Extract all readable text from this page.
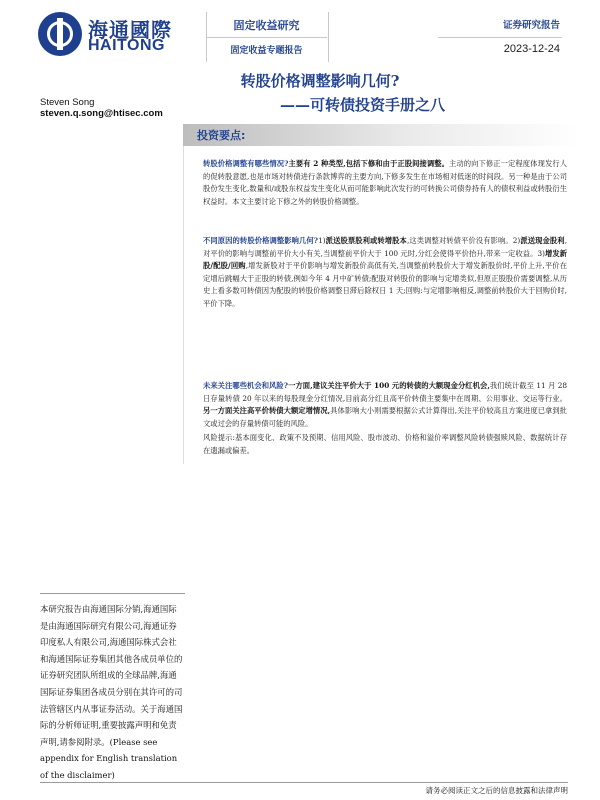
海通國際
HAITONG
固定收益研究
固定收益专题报告
证券研究报告
2023-12-24
转股价格调整影响几何?
——可转债投资手册之八
Steven Song
steven.q.song@htisec.com
投资要点:
转股价格调整有哪些情况?主要有 2 种类型,包括下修和由于正股间接调整。主动的向下修正一定程度体现发行人的促转股意愿,也是市场对转债进行条款博弈的主要方向,下修多发生在市场相对低迷的时间段。另一种是由于公司股份发生变化,数量和/或股东权益发生变化从而可能影响此次发行的可转换公司债券持有人的债权利益或转股衍生权益时。本文主要讨论下修之外的转股价格调整。
不同原因的转股价格调整影响几何?1)派送股票股利或转增股本,这类调整对转债平价没有影响。2)派送现金股利,对平价的影响与调整前平价大小有关,当调整前平价大于 100 元时,分红会使得平价抬升,带来一定收益。3)增发新股/配股/回购,增发新股对于平价影响与增发新股价高低有关,当调整前转股价大于增发新股价时,平价上升,平价在定增后跳幅大于正股的转债,例如今年 4 月中矿转债;配股对转股价的影响与定增类似,但原正股股价需要调整,从历史上看多数可转债因为配股的转股价格调整日滞后除权日 1 天;回购:与定增影响相反,调整前转股价大于回购价时,平价下降。
未来关注哪些机会和风险?一方面,建议关注平价大于 100 元的转债的大额现金分红机会,我们统计截至 11 月 28 日存量转债 20 年以来的每股现金分红情况,目前高分红且高平价转债主要集中在周期、公用事业、交运等行业。另一方面关注高平价转债大额定增情况,具体影响大小则需要根据公式计算得出,关注平价较高且方案进度已拿到批文或过会的存量转债可能的风险。
风险提示:基本面变化、政策不及预期、信用风险、股市波动、价格和溢价率调整风险转债强赎风险、数据统计存在遗漏或偏差。
本研究报告由海通国际分销,海通国际是由海通国际研究有限公司,海通证券印度私人有限公司,海通国际株式会社和海通国际证券集团其他各成员单位的证券研究团队所组成的全球品牌,海通国际证券集团各成员分别在其许可的司法管辖区内从事证券活动。关于海通国际的分析师证明,重要披露声明和免责声明,请参阅附录。(Please see appendix for English translation of the disclaimer)
请务必阅读正文之后的信息披露和法律声明
